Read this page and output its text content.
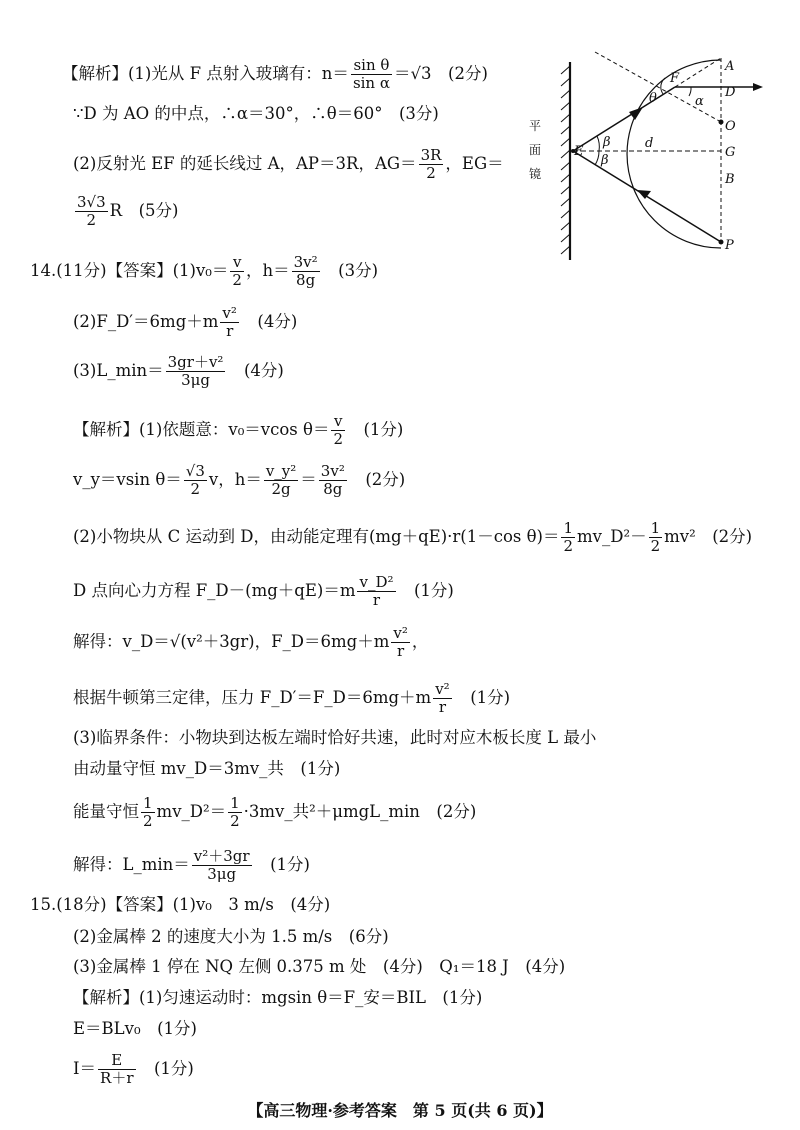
【解析】(1)光从 F 点射入玻璃有：$n= \frac{\text{sin θ}}{\text{sin α}} =√3$　(2分)
∵D 为 AO 的中点，∴α＝30°，∴θ＝60°　(3分)
(2)反射光 EF 的延长线过 A，AP＝3R，$AG= \frac{3R}{2}$ ，EG＝
$\frac{3√3}{2}$ R　(5分)
14.(11分)【答案】$(1)v_0= \frac{v}{2}$ ，$h= \frac{\text{3v²}}{8g}$ 　(3分)
(2)F_D′＝6mg＋m $\frac{\text{v²}}{r}$ 　(4分)
(3)L_min＝ $\frac{\text{3gr＋v²}}{3\mu g}$ 　(4分)
【解析】(1)依题意：v₀＝vcos $\theta= \frac{v}{2}$ 　(1分)
v_y＝vsin $\theta= \frac{√3}{2}$ v，$h= \frac{\text{v\_y²}}{2g} = \frac{\text{3v²}}{8g}$ 　(2分)
(2)小物块从 C 运动到 D，由动能定理有(mg＋qE)·r(1－cos $\theta)= \frac{1}{2}$ mv_D²－ $\frac{1}{2} mv^2$　(2分)
D 点向心力方程 F_D－(mg＋qE)＝m $\frac{\text{v\_D²}}{r}$ 　(1分)
解得：v_D＝√(v²＋3gr)，F_D＝6mg＋m $\frac{\text{v²}}{r}$ ，
根据牛顿第三定律，压力 F_D′＝F_D＝6mg＋m $\frac{\text{v²}}{r}$ 　(1分)
(3)临界条件：小物块到达板左端时恰好共速，此时对应木板长度 L 最小
由动量守恒 mv_D＝3mv_共　(1分)
能量守恒 $\frac{1}{2}$ mv_D²＝ $\frac{1}{2}$ ·3mv_共²＋μmgL_min　(2分)
解得：L_min＝ $\frac{\text{v²＋3gr}}{3\mu g}$ 　(1分)
15.(18分)【答案】(1)v₀　3 m/s　(4分)
(2)金属棒 2 的速度大小为 1.5 m/s　(6分)
(3)金属棒 1 停在 NQ 左侧 0.375 m 处　(4分)　Q₁＝18 J　(4分)
【解析】(1)匀速运动时：mgsin θ＝F_安＝BIL　(1分)
E＝BLv₀　(1分)
$I= \frac{E}{R+r}$ 　(1分)
平
面
镜
A
D
O
G
B
P
E
F
θ	α
β
β
d
【高三物理·参考答案　第 5 页(共 6 页)】
